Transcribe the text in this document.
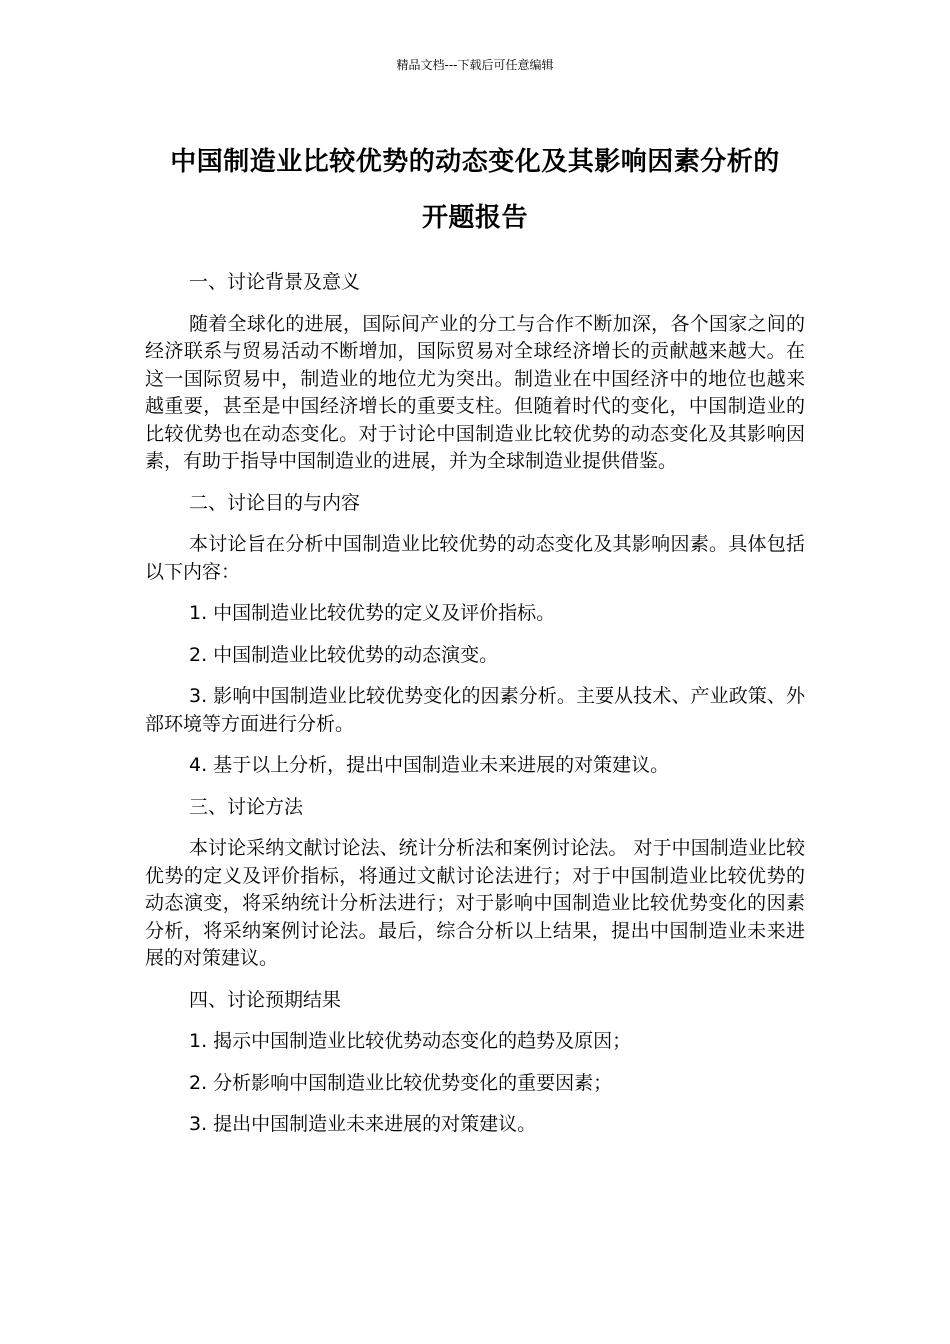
精品文档---下载后可任意编辑
中国制造业比较优势的动态变化及其影响因素分析的
开题报告

一、讨论背景及意义

随着全球化的进展，国际间产业的分工与合作不断加深，各个国家之间的经济联系与贸易活动不断增加，国际贸易对全球经济增长的贡献越来越大。在这一国际贸易中，制造业的地位尤为突出。制造业在中国经济中的地位也越来越重要，甚至是中国经济增长的重要支柱。但随着时代的变化，中国制造业的比较优势也在动态变化。对于讨论中国制造业比较优势的动态变化及其影响因素，有助于指导中国制造业的进展，并为全球制造业提供借鉴。

二、讨论目的与内容

本讨论旨在分析中国制造业比较优势的动态变化及其影响因素。具体包括以下内容：

1. 中国制造业比较优势的定义及评价指标。

2. 中国制造业比较优势的动态演变。

3. 影响中国制造业比较优势变化的因素分析。主要从技术、产业政策、外部环境等方面进行分析。

4. 基于以上分析，提出中国制造业未来进展的对策建议。

三、讨论方法

本讨论采纳文献讨论法、统计分析法和案例讨论法。 对于中国制造业比较优势的定义及评价指标，将通过文献讨论法进行；对于中国制造业比较优势的动态演变，将采纳统计分析法进行；对于影响中国制造业比较优势变化的因素分析，将采纳案例讨论法。最后，综合分析以上结果，提出中国制造业未来进展的对策建议。

四、讨论预期结果

1. 揭示中国制造业比较优势动态变化的趋势及原因；

2. 分析影响中国制造业比较优势变化的重要因素；

3. 提出中国制造业未来进展的对策建议。
